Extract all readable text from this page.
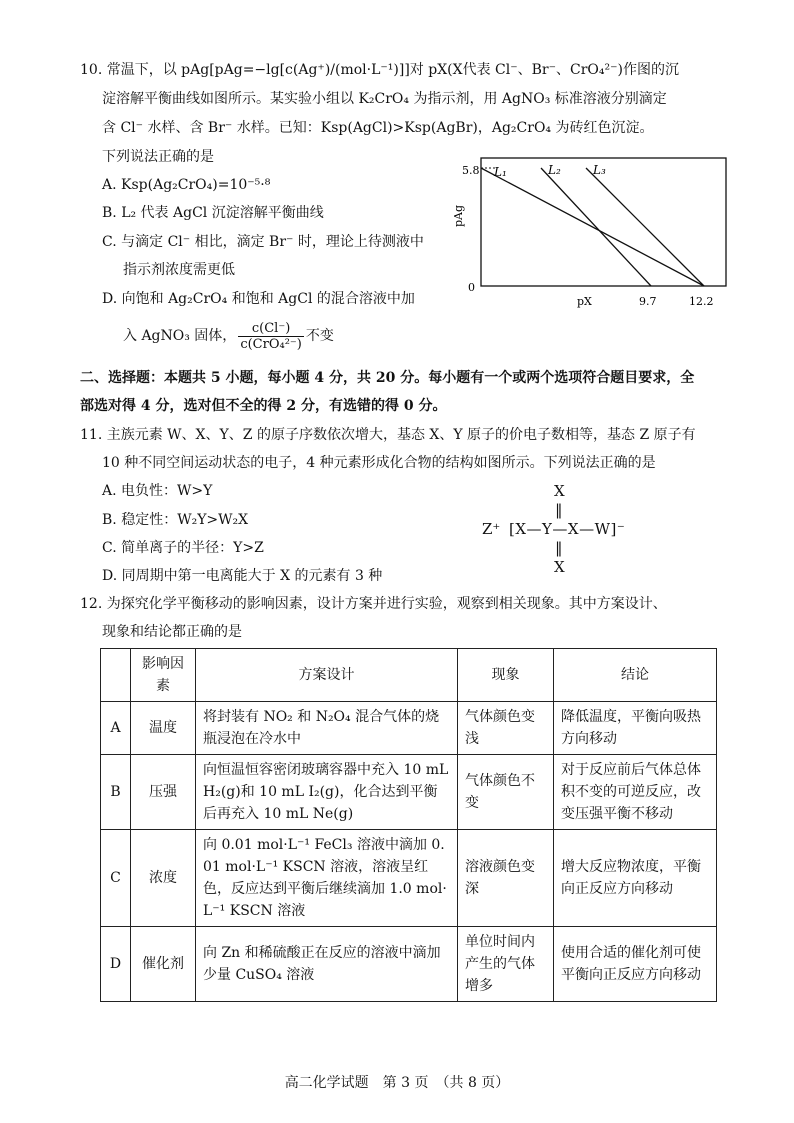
10. 常温下，以 pAg[pAg=−lg[c(Ag⁺)/(mol·L⁻¹)]]对 pX(X代表 Cl⁻、Br⁻、CrO₄²⁻)作图的沉
淀溶解平衡曲线如图所示。某实验小组以 K₂CrO₄ 为指示剂，用 AgNO₃ 标准溶液分别滴定
含 Cl⁻ 水样、含 Br⁻ 水样。已知：Ksp(AgCl)>Ksp(AgBr)，Ag₂CrO₄ 为砖红色沉淀。
下列说法正确的是
A. Ksp(Ag₂CrO₄)=10⁻⁵·⁸
B. L₂ 代表 AgCl 沉淀溶解平衡曲线
C. 与滴定 Cl⁻ 相比，滴定 Br⁻ 时，理论上待测液中
指示剂浓度需更低
D. 向饱和 Ag₂CrO₄ 和饱和 AgCl 的混合溶液中加
入 AgNO₃ 固体， $\frac{c(Cl^-)}{\text{c(CrO₄²⁻)}}$ 不变
5.8
0
pAg
pX	9.7	12.2
L₁	L₂	L₃
二、选择题：本题共 5 小题，每小题 4 分，共 20 分。每小题有一个或两个选项符合题目要求，全
部选对得 4 分，选对但不全的得 2 分，有选错的得 0 分。
11. 主族元素 W、X、Y、Z 的原子序数依次增大，基态 X、Y 原子的价电子数相等，基态 Z 原子有
10 种不同空间运动状态的电子，4 种元素形成化合物的结构如图所示。下列说法正确的是
A. 电负性：W>Y
B. 稳定性：W₂Y>W₂X
C. 简单离子的半径：Y>Z
D. 同周期中第一电离能大于 X 的元素有 3 种
X
‖
Z⁺ [X—Y—X—W]⁻
‖
X
12. 为探究化学平衡移动的影响因素，设计方案并进行实验，观察到相关现象。其中方案设计、
现象和结论都正确的是
	影响因素	方案设计	现象	结论
A	温度	将封装有 NO₂ 和 N₂O₄ 混合气体的烧瓶浸泡在冷水中	气体颜色变浅	降低温度，平衡向吸热方向移动
B	压强	向恒温恒容密闭玻璃容器中充入 10 mL H₂(g)和 10 mL I₂(g)，化合达到平衡后再充入 10 mL Ne(g)	气体颜色不变	对于反应前后气体总体积不变的可逆反应，改变压强平衡不移动
C	浓度	向 0.01 mol·L⁻¹ FeCl₃ 溶液中滴加 0.01 mol·L⁻¹ KSCN 溶液，溶液呈红色，反应达到平衡后继续滴加 1.0 mol·L⁻¹ KSCN 溶液	溶液颜色变深	增大反应物浓度，平衡向正反应方向移动
D	催化剂	向 Zn 和稀硫酸正在反应的溶液中滴加少量 CuSO₄ 溶液	单位时间内产生的气体增多	使用合适的催化剂可使平衡向正反应方向移动
高二化学试题　第 3 页　（共 8 页）
